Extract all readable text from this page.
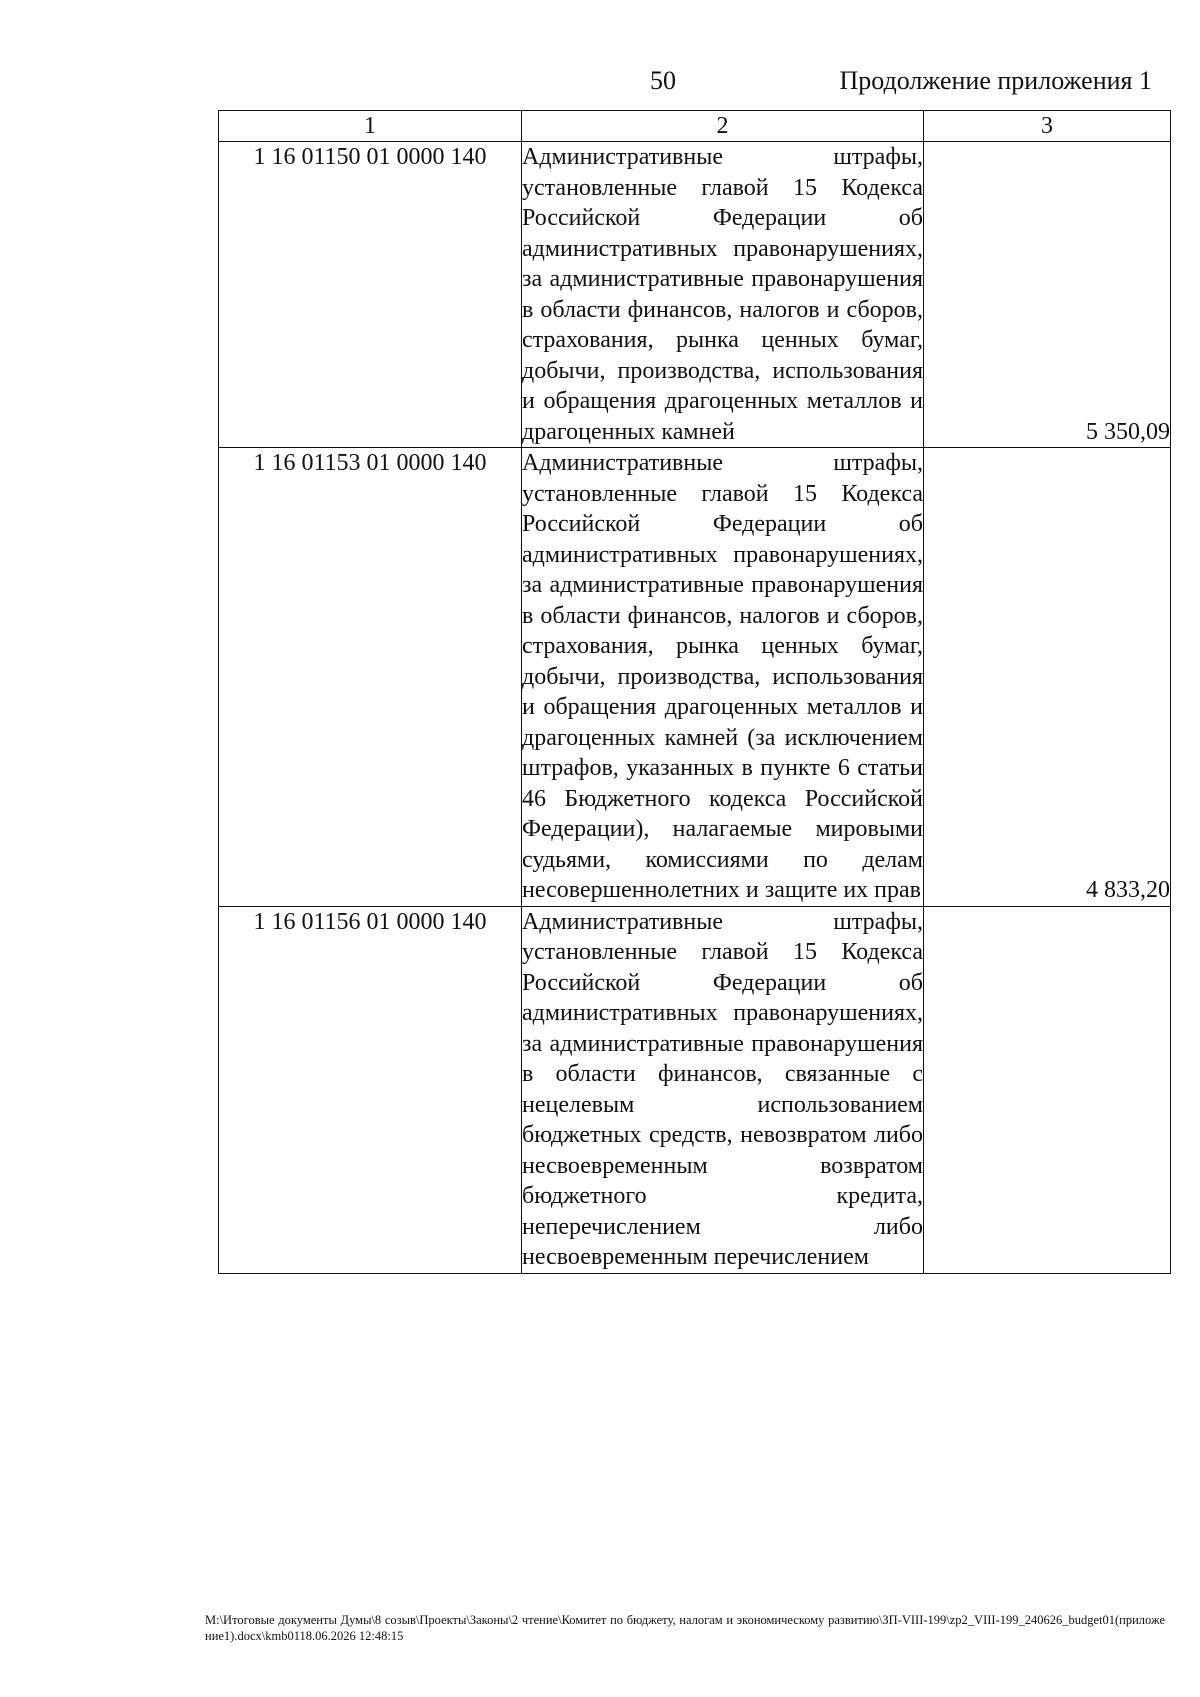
50	Продолжение приложения 1
1	2	3
1 16 01150 01 0000 140	Административные штрафы, установленные главой 15 Кодекса Российской Федерации об административных правонарушениях, за административные правонарушения в области финансов, налогов и сборов, страхования, рынка ценных бумаг, добычи, производства, использования и обращения драгоценных металлов и драгоценных камней	5 350,09
1 16 01153 01 0000 140	Административные штрафы, установленные главой 15 Кодекса Российской Федерации об административных правонарушениях, за административные правонарушения в области финансов, налогов и сборов, страхования, рынка ценных бумаг, добычи, производства, использования и обращения драгоценных металлов и драгоценных камней (за исключением штрафов, указанных в пункте 6 статьи 46 Бюджетного кодекса Российской Федерации), налагаемые мировыми судьями, комиссиями по делам несовершеннолетних и защите их прав	4 833,20
1 16 01156 01 0000 140	Административные штрафы, установленные главой 15 Кодекса Российской Федерации об административных правонарушениях, за административные правонарушения в области финансов, связанные с нецелевым использованием бюджетных средств, невозвратом либо несвоевременным возвратом бюджетного кредита, неперечислением либо несвоевременным перечислением	
M:\Итоговые документы Думы\8 созыв\Проекты\Законы\2 чтение\Комитет по бюджету, налогам и экономическому развитию\ЗП-VIII-199\zp2_VIII-199_240626_budget01(приложение1).docx\kmb0118.06.2026 12:48:15
